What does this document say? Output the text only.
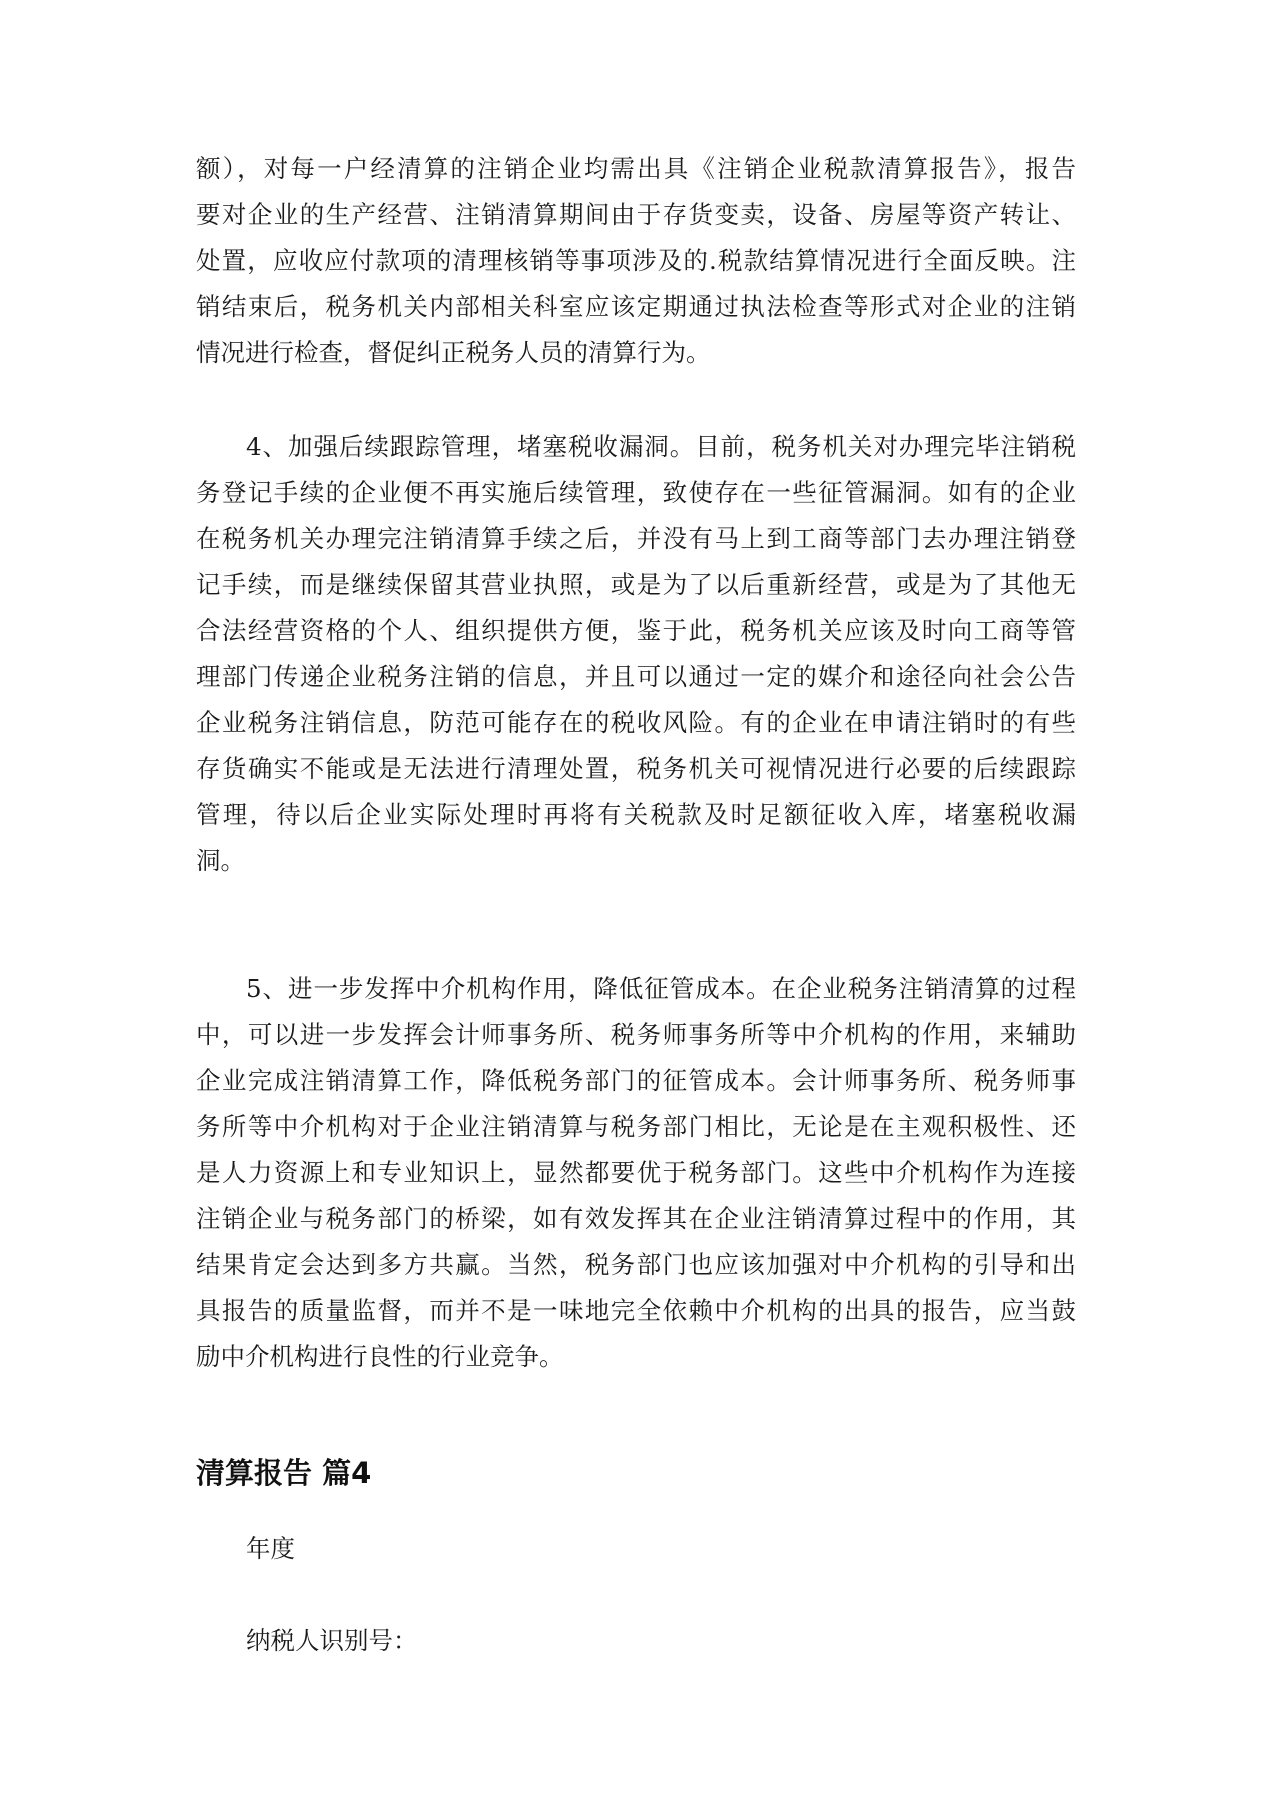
额），对每一户经清算的注销企业均需出具《注销企业税款清算报告》，报告
要对企业的生产经营、注销清算期间由于存货变卖，设备、房屋等资产转让、
处置，应收应付款项的清理核销等事项涉及的.税款结算情况进行全面反映。注
销结束后，税务机关内部相关科室应该定期通过执法检查等形式对企业的注销
情况进行检查，督促纠正税务人员的清算行为。
4、加强后续跟踪管理，堵塞税收漏洞。目前，税务机关对办理完毕注销税
务登记手续的企业便不再实施后续管理，致使存在一些征管漏洞。如有的企业
在税务机关办理完注销清算手续之后，并没有马上到工商等部门去办理注销登
记手续，而是继续保留其营业执照，或是为了以后重新经营，或是为了其他无
合法经营资格的个人、组织提供方便，鉴于此，税务机关应该及时向工商等管
理部门传递企业税务注销的信息，并且可以通过一定的媒介和途径向社会公告
企业税务注销信息，防范可能存在的税收风险。有的企业在申请注销时的有些
存货确实不能或是无法进行清理处置，税务机关可视情况进行必要的后续跟踪
管理，待以后企业实际处理时再将有关税款及时足额征收入库，堵塞税收漏
洞。
5、进一步发挥中介机构作用，降低征管成本。在企业税务注销清算的过程
中，可以进一步发挥会计师事务所、税务师事务所等中介机构的作用，来辅助
企业完成注销清算工作，降低税务部门的征管成本。会计师事务所、税务师事
务所等中介机构对于企业注销清算与税务部门相比，无论是在主观积极性、还
是人力资源上和专业知识上，显然都要优于税务部门。这些中介机构作为连接
注销企业与税务部门的桥梁，如有效发挥其在企业注销清算过程中的作用，其
结果肯定会达到多方共赢。当然，税务部门也应该加强对中介机构的引导和出
具报告的质量监督，而并不是一味地完全依赖中介机构的出具的报告，应当鼓
励中介机构进行良性的行业竞争。
清算报告 篇4

年度

纳税人识别号：
